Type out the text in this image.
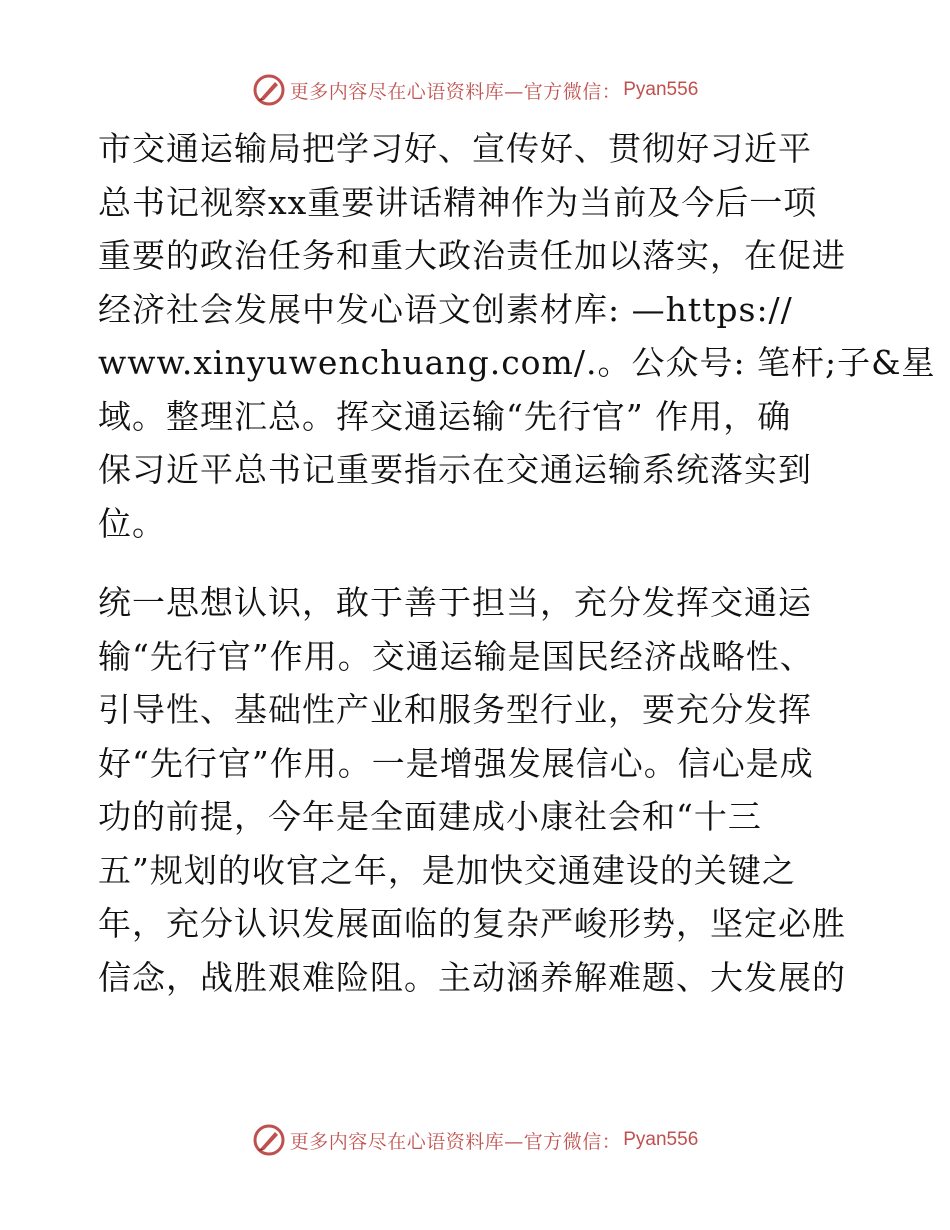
更多内容尽在心语资料库—官方微信： Pyan556
市交通运输局把学习好、宣传好、贯彻好习近平
总书记视察xx重要讲话精神作为当前及今后一项
重要的政治任务和重大政治责任加以落实，在促进
经济社会发展中发心语文创素材库: —https://
www.xinyuwenchuang.com/.。公众号: 笔杆;子&星
域。整理汇总。挥交通运输“先行官” 作用，确
保习近平总书记重要指示在交通运输系统落实到
位。
统一思想认识，敢于善于担当，充分发挥交通运
输“先行官”作用。交通运输是国民经济战略性、
引导性、基础性产业和服务型行业，要充分发挥
好“先行官”作用。一是增强发展信心。信心是成
功的前提，今年是全面建成小康社会和“十三
五”规划的收官之年，是加快交通建设的关键之
年，充分认识发展面临的复杂严峻形势，坚定必胜
信念，战胜艰难险阻。主动涵养解难题、大发展的
更多内容尽在心语资料库—官方微信： Pyan556
